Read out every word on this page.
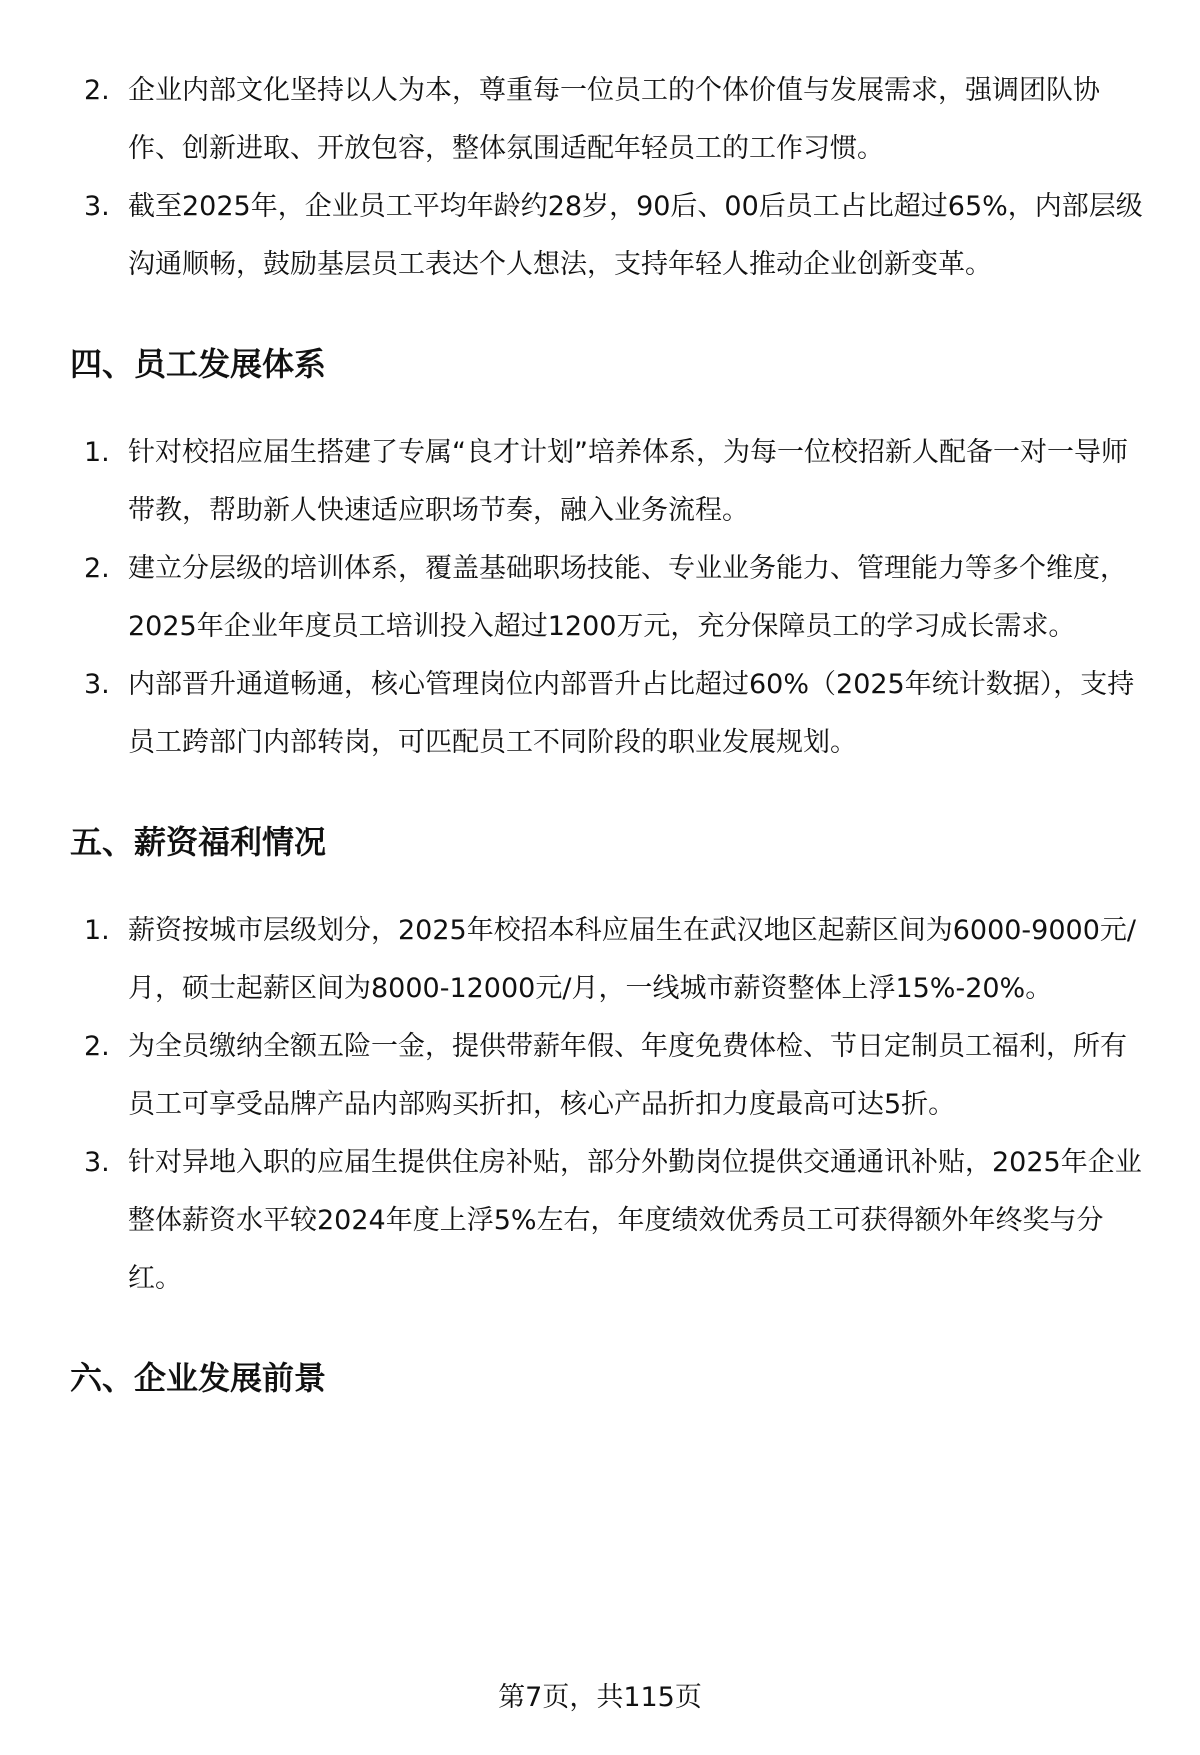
2. 企业内部文化坚持以人为本，尊重每一位员工的个体价值与发展需求，强调团队协作、创新进取、开放包容，整体氛围适配年轻员工的工作习惯。
3. 截至2025年，企业员工平均年龄约28岁，90后、00后员工占比超过65%，内部层级沟通顺畅，鼓励基层员工表达个人想法，支持年轻人推动企业创新变革。
四、员工发展体系
1. 针对校招应届生搭建了专属“良才计划”培养体系，为每一位校招新人配备一对一导师带教，帮助新人快速适应职场节奏，融入业务流程。
2. 建立分层级的培训体系，覆盖基础职场技能、专业业务能力、管理能力等多个维度，2025年企业年度员工培训投入超过1200万元，充分保障员工的学习成长需求。
3. 内部晋升通道畅通，核心管理岗位内部晋升占比超过60%（2025年统计数据），支持员工跨部门内部转岗，可匹配员工不同阶段的职业发展规划。
五、薪资福利情况
1. 薪资按城市层级划分，2025年校招本科应届生在武汉地区起薪区间为6000-9000元/月，硕士起薪区间为8000-12000元/月，一线城市薪资整体上浮15%-20%。
2. 为全员缴纳全额五险一金，提供带薪年假、年度免费体检、节日定制员工福利，所有员工可享受品牌产品内部购买折扣，核心产品折扣力度最高可达5折。
3. 针对异地入职的应届生提供住房补贴，部分外勤岗位提供交通通讯补贴，2025年企业整体薪资水平较2024年度上浮5%左右，年度绩效优秀员工可获得额外年终奖与分红。
六、企业发展前景
第7页，共115页
